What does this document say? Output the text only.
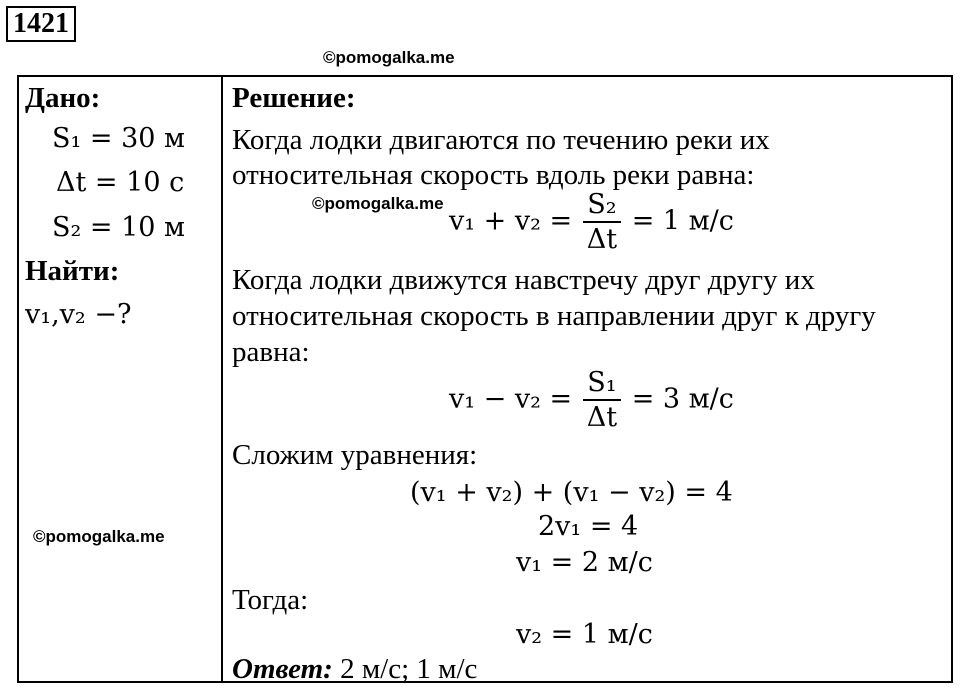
1421
©pomogalka.me
©pomogalka.me
©pomogalka.me
Дано:
S₁ = 30 м
Δt = 10 с
S₂ = 10 м
Найти:
v₁,v₂ −?
Решение:
Когда лодки двигаются по течению реки их
относительная скорость вдоль реки равна:
$v_1 + v_2 = \frac{\text{S₂}}{\Delta t} = 1$ м/с
Когда лодки движутся навстречу друг другу их
относительная скорость в направлении друг к другу
равна:
$v_1 - v_2 = \frac{\text{S₁}}{\Delta t} = 3$ м/с
Сложим уравнения:
(v₁ + v₂) + (v₁ − v₂) = 4
2v₁ = 4
v₁ = 2 м/с
Тогда:
v₂ = 1 м/с
Ответ: 2 м/с; 1 м/с
